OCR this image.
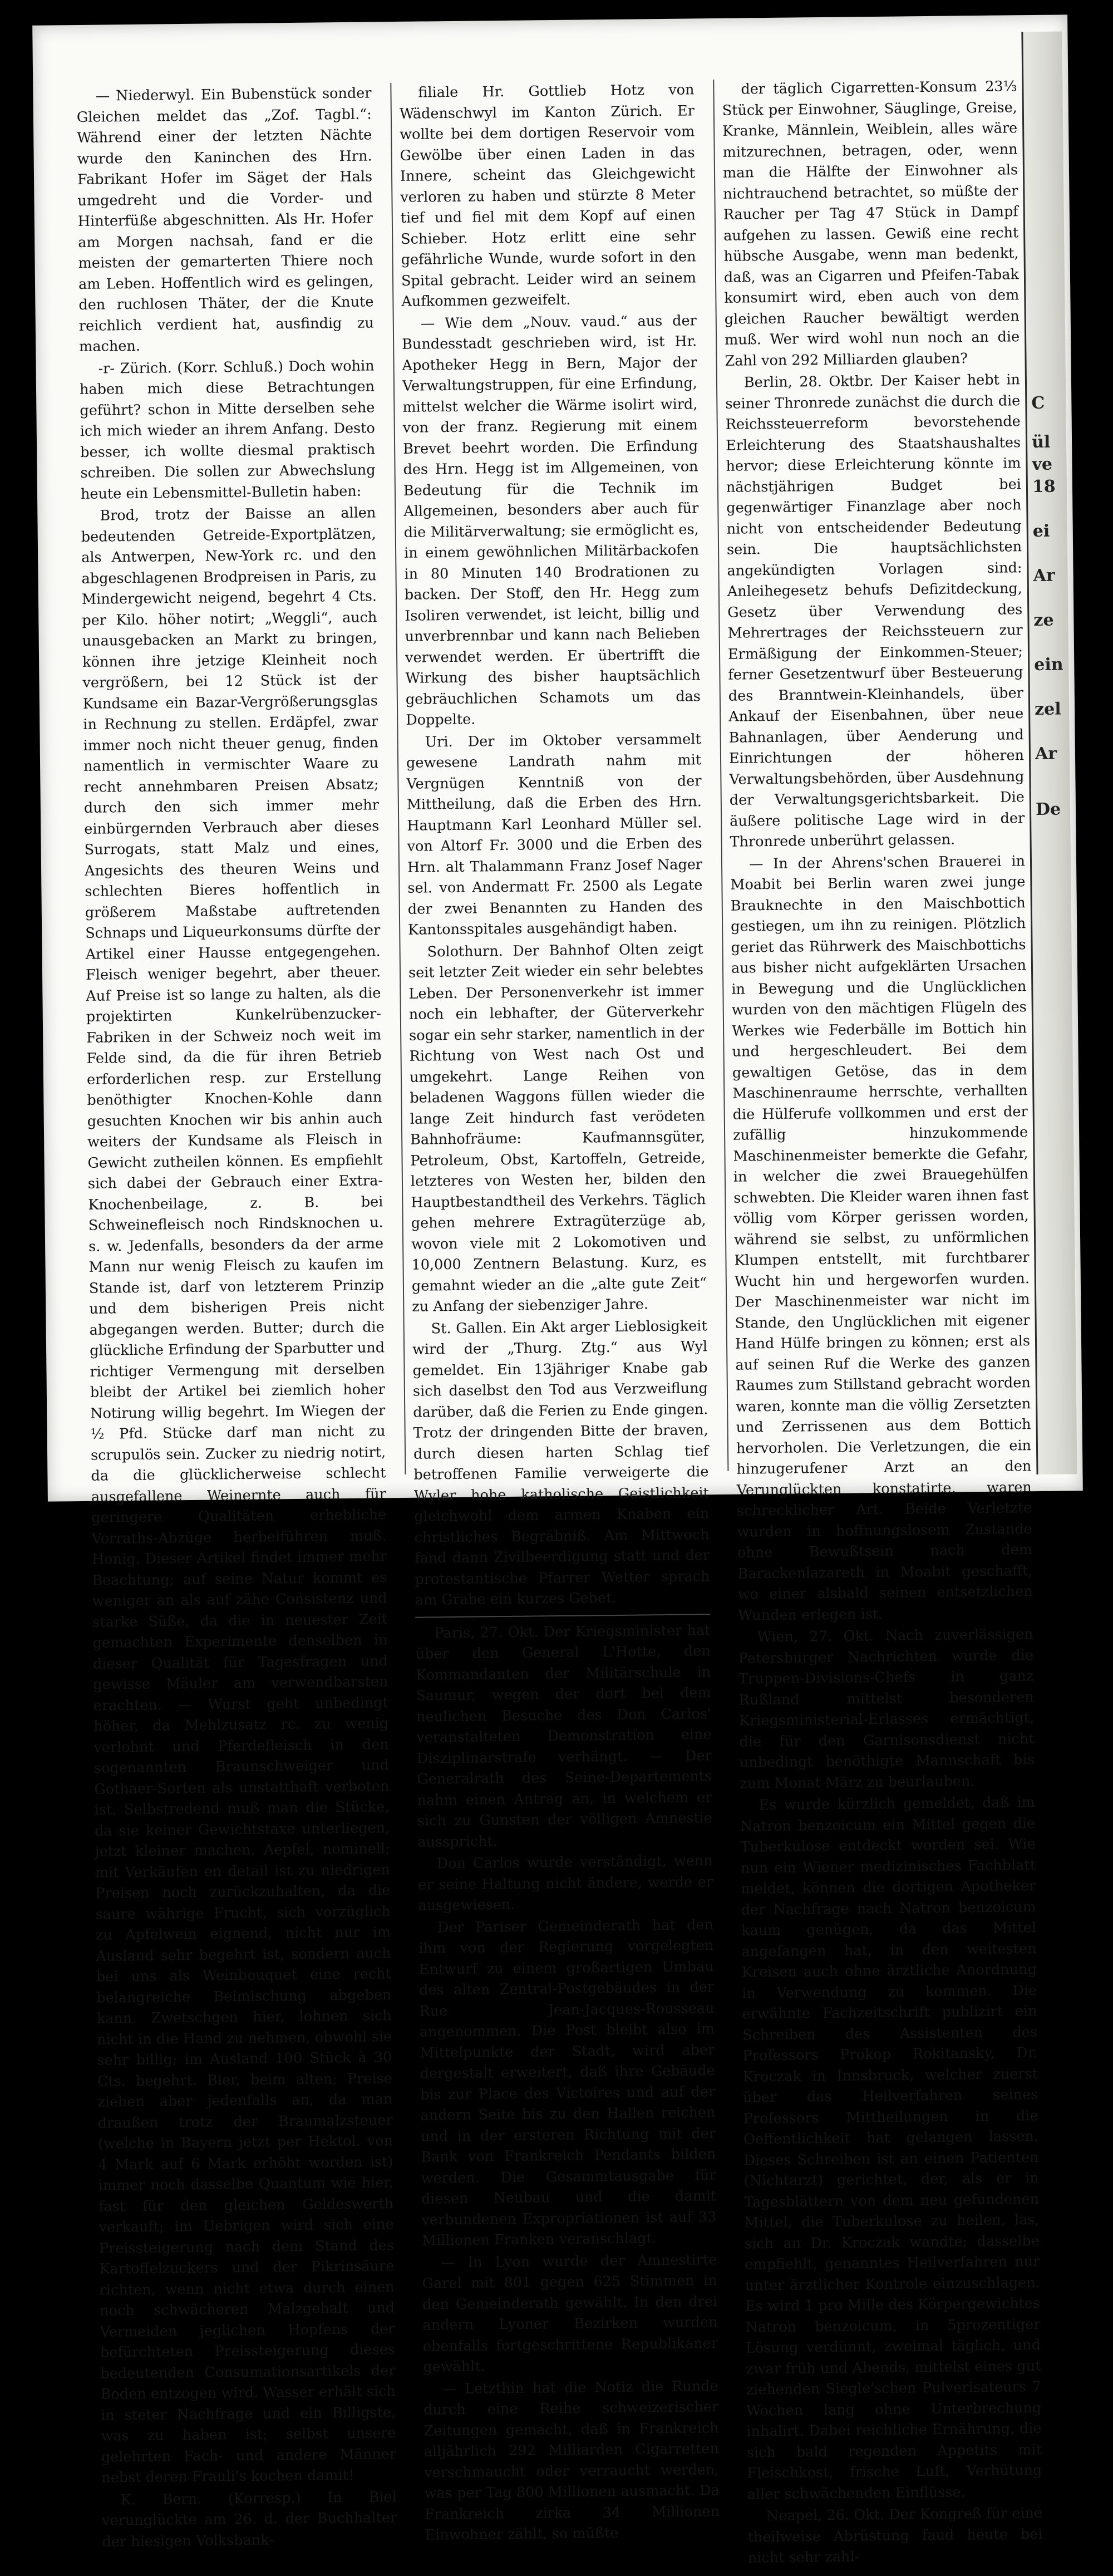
— Niederwyl. Ein Bubenstück sonder Gleichen meldet das „Zof. Tagbl.“: Während einer der letzten Nächte wurde den Kaninchen des Hrn. Fabrikant Hofer im Säget der Hals umgedreht und die Vorder- und Hinterfüße abgeschnitten. Als Hr. Hofer am Morgen nachsah, fand er die meisten der gemarterten Thiere noch am Leben. Hoffentlich wird es gelingen, den ruchlosen Thäter, der die Knute reichlich verdient hat, ausfindig zu machen.

-r- Zürich. (Korr. Schluß.) Doch wohin haben mich diese Betrachtungen geführt? schon in Mitte derselben sehe ich mich wieder an ihrem Anfang. Desto besser, ich wollte diesmal praktisch schreiben. Die sollen zur Abwechslung heute ein Lebensmittel-Bulletin haben:

Brod, trotz der Baisse an allen bedeutenden Getreide-Exportplätzen, als Antwerpen, New-York rc. und den abgeschlagenen Brodpreisen in Paris, zu Mindergewicht neigend, begehrt 4 Cts. per Kilo. höher notirt; „Weggli“, auch unausgebacken an Markt zu bringen, können ihre jetzige Kleinheit noch vergrößern, bei 12 Stück ist der Kundsame ein Bazar-Vergrößerungsglas in Rechnung zu stellen. Erdäpfel, zwar immer noch nicht theuer genug, finden namentlich in vermischter Waare zu recht annehmbaren Preisen Absatz; durch den sich immer mehr einbürgernden Verbrauch aber dieses Surrogats, statt Malz und eines, Angesichts des theuren Weins und schlechten Bieres hoffentlich in größerem Maßstabe auftretenden Schnaps und Liqueurkonsums dürfte der Artikel einer Hausse entgegengehen. Fleisch weniger begehrt, aber theuer. Auf Preise ist so lange zu halten, als die projektirten Kunkelrübenzucker-Fabriken in der Schweiz noch weit im Felde sind, da die für ihren Betrieb erforderlichen resp. zur Erstellung benöthigter Knochen-Kohle dann gesuchten Knochen wir bis anhin auch weiters der Kundsame als Fleisch in Gewicht zutheilen können. Es empfiehlt sich dabei der Gebrauch einer Extra-Knochenbeilage, z. B. bei Schweinefleisch noch Rindsknochen u. s. w. Jedenfalls, besonders da der arme Mann nur wenig Fleisch zu kaufen im Stande ist, darf von letzterem Prinzip und dem bisherigen Preis nicht abgegangen werden. Butter; durch die glückliche Erfindung der Sparbutter und richtiger Vermengung mit derselben bleibt der Artikel bei ziemlich hoher Notirung willig begehrt. Im Wiegen der ½ Pfd. Stücke darf man nicht zu scrupulös sein. Zucker zu niedrig notirt, da die glücklicherweise schlecht ausgefallene Weinernte auch für geringere Qualitäten erhebliche Vorraths-Abzüge herbeiführen muß. Honig. Dieser Artikel findet immer mehr Beachtung; auf seine Natur kommt es weniger an als auf zähe Consistenz und starke Süße, da die in neuester Zeit gemachten Experimente denselben in dieser Qualität für Tagesfragen und gewisse Mäuler am verwendbarsten erachten. — Wurst geht unbedingt höher, da Mehlzusatz rc. zu wenig verlohnt und Pferdefleisch in den sogenannten Braunschweiger und Gothaer-Sorten als unstatthaft verboten ist. Selbstredend muß man die Stücke, da sie keiner Gewichtstaxe unterliegen, jetzt kleiner machen. Aepfel, nominell; mit Verkäufen en detail ist zu niedrigen Preisen noch zurückzuhalten, da die saure währige Frucht, sich vorzüglich zu Apfelwein eignend, nicht nur im Ausland sehr begehrt ist, sondern auch bei uns als Weinbouquet eine recht belangreiche Beimischung abgeben kann. Zwetschgen hier, lohnen sich nicht in die Hand zu nehmen, obwohl sie sehr billig; im Ausland 100 Stück à 30 Cts. begehrt. Bier, beim alten; Preise ziehen aber jedenfalls an, da man draußen trotz der Braumalzsteuer (welche in Bayern jetzt per Hektol. von 4 Mark auf 6 Mark erhöht worden ist) immer noch dasselbe Quantum wie hier, fast für den gleichen Geldeswerth verkauft; im Uebrigen wird sich eine Preissteigerung nach dem Stand des Kartoffelzuckers und der Pikrinsäure richten, wenn nicht etwa durch einen noch schwächeren Malzgehalt und Vermeiden jeglichen Hopfens der befürchteten Preissteigerung dieses bedeutenden Consumationsartikels der Boden entzogen wird. Wasser erhält sich in steter Nachfrage und ein Billigste, was zu haben ist; selbst unsere gelehrten Fach- und andere Männer nebst deren Frauli's kochen damit!

K. Bern. (Korresp.) In Biel verunglückte am 26. d. der Buchhalter der hiesigen Volksbank-

filiale Hr. Gottlieb Hotz von Wädenschwyl im Kanton Zürich. Er wollte bei dem dortigen Reservoir vom Gewölbe über einen Laden in das Innere, scheint das Gleichgewicht verloren zu haben und stürzte 8 Meter tief und fiel mit dem Kopf auf einen Schieber. Hotz erlitt eine sehr gefährliche Wunde, wurde sofort in den Spital gebracht. Leider wird an seinem Aufkommen gezweifelt.

— Wie dem „Nouv. vaud.“ aus der Bundesstadt geschrieben wird, ist Hr. Apotheker Hegg in Bern, Major der Verwaltungstruppen, für eine Erfindung, mittelst welcher die Wärme isolirt wird, von der franz. Regierung mit einem Brevet beehrt worden. Die Erfindung des Hrn. Hegg ist im Allgemeinen, von Bedeutung für die Technik im Allgemeinen, besonders aber auch für die Militärverwaltung; sie ermöglicht es, in einem gewöhnlichen Militärbackofen in 80 Minuten 140 Brodrationen zu backen. Der Stoff, den Hr. Hegg zum Isoliren verwendet, ist leicht, billig und unverbrennbar und kann nach Belieben verwendet werden. Er übertrifft die Wirkung des bisher hauptsächlich gebräuchlichen Schamots um das Doppelte.

Uri. Der im Oktober versammelt gewesene Landrath nahm mit Vergnügen Kenntniß von der Mittheilung, daß die Erben des Hrn. Hauptmann Karl Leonhard Müller sel. von Altorf Fr. 3000 und die Erben des Hrn. alt Thalammann Franz Josef Nager sel. von Andermatt Fr. 2500 als Legate der zwei Benannten zu Handen des Kantonsspitales ausgehändigt haben.

Solothurn. Der Bahnhof Olten zeigt seit letzter Zeit wieder ein sehr belebtes Leben. Der Personenverkehr ist immer noch ein lebhafter, der Güterverkehr sogar ein sehr starker, namentlich in der Richtung von West nach Ost und umgekehrt. Lange Reihen von beladenen Waggons füllen wieder die lange Zeit hindurch fast verödeten Bahnhofräume: Kaufmannsgüter, Petroleum, Obst, Kartoffeln, Getreide, letzteres von Westen her, bilden den Hauptbestandtheil des Verkehrs. Täglich gehen mehrere Extragüterzüge ab, wovon viele mit 2 Lokomotiven und 10,000 Zentnern Belastung. Kurz, es gemahnt wieder an die „alte gute Zeit“ zu Anfang der siebenziger Jahre.

St. Gallen. Ein Akt arger Lieblosigkeit wird der „Thurg. Ztg.“ aus Wyl gemeldet. Ein 13jähriger Knabe gab sich daselbst den Tod aus Verzweiflung darüber, daß die Ferien zu Ende gingen. Trotz der dringenden Bitte der braven, durch diesen harten Schlag tief betroffenen Familie verweigerte die Wyler hohe katholische Geistlichkeit gleichwohl dem armen Knaben ein christliches Begräbniß. Am Mittwoch fand dann Zivilbeerdigung statt und der protestantische Pfarrer Wetter sprach am Grabe ein kurzes Gebet.

Paris, 27. Okt. Der Kriegsminister hat über den General L'Hotte, den Kommandanten der Militärschule in Saumur, wegen der dort bei dem neulichen Besuche des Don Carlos' veranstalteten Demonstration eine Disziplinarstrafe verhängt. — Der Generalrath des Seine-Departements nahm einen Antrag an, in welchem er sich zu Gunsten der völligen Amnestie ausspricht.

Don Carlos wurde verständigt, wenn er seine Haltung nicht ändere, werde er ausgewiesen.

Der Pariser Gemeinderath hat den ihm von der Regierung vorgelegten Entwurf zu einem großartigen Umbau des alten Zentral-Postgebäudes in der Rue Jean-Jacques-Rousseau angenommen. Die Post bleibt also im Mittelpunkte der Stadt, wird aber dergestalt erweitert, daß ihre Gebäude bis zur Place des Victoires und auf der andern Seite bis zu den Hallen reichen und in der ersteren Richtung mit der Bank von Frankreich Pendants bilden werden. Die Gesammtausgabe für diesen Neubau und die damit verbundenen Expropriationen ist auf 33 Millionen Franken veranschlagt.

— In Lyon wurde der Amnestirte Garel mit 801 gegen 625 Stimmen in den Gemeinderath gewählt. In den drei andern Lyoner Bezirken wurden ebenfalls fortgeschrittene Republikaner gewählt.

— Letzthin hat die Notiz die Runde durch eine Reihe schweizerischer Zeitungen gemacht, daß in Frankreich alljährlich 292 Milliarden Cigarretten verschmaucht oder verraucht werden, was per Tag 800 Millionen ausmacht. Da Frankreich zirka 34 Millionen Einwohner zählt, so müßte

der täglich Cigarretten-Konsum 23⅓ Stück per Einwohner, Säuglinge, Greise, Kranke, Männlein, Weiblein, alles wäre mitzurechnen, betragen, oder, wenn man die Hälfte der Einwohner als nichtrauchend betrachtet, so müßte der Raucher per Tag 47 Stück in Dampf aufgehen zu lassen. Gewiß eine recht hübsche Ausgabe, wenn man bedenkt, daß, was an Cigarren und Pfeifen-Tabak konsumirt wird, eben auch von dem gleichen Raucher bewältigt werden muß. Wer wird wohl nun noch an die Zahl von 292 Milliarden glauben?

Berlin, 28. Oktbr. Der Kaiser hebt in seiner Thronrede zunächst die durch die Reichssteuerreform bevorstehende Erleichterung des Staatshaushaltes hervor; diese Erleichterung könnte im nächstjährigen Budget bei gegenwärtiger Finanzlage aber noch nicht von entscheidender Bedeutung sein. Die hauptsächlichsten angekündigten Vorlagen sind: Anleihegesetz behufs Defizitdeckung, Gesetz über Verwendung des Mehrertrages der Reichssteuern zur Ermäßigung der Einkommen-Steuer; ferner Gesetzentwurf über Besteuerung des Branntwein-Kleinhandels, über Ankauf der Eisenbahnen, über neue Bahnanlagen, über Aenderung und Einrichtungen der höheren Verwaltungsbehörden, über Ausdehnung der Verwaltungsgerichtsbarkeit. Die äußere politische Lage wird in der Thronrede unberührt gelassen.

— In der Ahrens'schen Brauerei in Moabit bei Berlin waren zwei junge Brauknechte in den Maischbottich gestiegen, um ihn zu reinigen. Plötzlich geriet das Rührwerk des Maischbottichs aus bisher nicht aufgeklärten Ursachen in Bewegung und die Unglücklichen wurden von den mächtigen Flügeln des Werkes wie Federbälle im Bottich hin und hergeschleudert. Bei dem gewaltigen Getöse, das in dem Maschinenraume herrschte, verhallten die Hülferufe vollkommen und erst der zufällig hinzukommende Maschinenmeister bemerkte die Gefahr, in welcher die zwei Brauegehülfen schwebten. Die Kleider waren ihnen fast völlig vom Körper gerissen worden, während sie selbst, zu unförmlichen Klumpen entstellt, mit furchtbarer Wucht hin und hergeworfen wurden. Der Maschinenmeister war nicht im Stande, den Unglücklichen mit eigener Hand Hülfe bringen zu können; erst als auf seinen Ruf die Werke des ganzen Raumes zum Stillstand gebracht worden waren, konnte man die völlig Zersetzten und Zerrissenen aus dem Bottich hervorholen. Die Verletzungen, die ein hinzugerufener Arzt an den Verunglückten konstatirte, waren schrecklicher Art. Beide Verletzte wurden in hoffnungslosem Zustande ohne Bewußtsein nach dem Barackenlazareth in Moabit geschafft, wo einer alsbald seinen entsetzlichen Wunden erlegen ist.

Wien, 27. Okt. Nach zuverlässigen Petersburger Nachrichten wurde die Truppen-Divisions-Chefs in ganz Rußland mittelst besonderen Kriegsministerial-Erlasses ermächtigt, die für den Garnisonsdienst nicht unbedingt benöthigte Mannschaft bis zum Monat März zu beurlauben.

Es wurde kürzlich gemeldet, daß im Natron benzoicum ein Mittel gegen die Tuberkulose entdeckt worden sei. Wie nun ein Wiener medizinisches Fachblatt meldet, können die dortigen Apotheker der Nachfrage nach Natron benzoicum kaum genügen, da das Mittel angefangen hat, in den weitesten Kreisen auch ohne ärztliche Anordnung in Verwendung zu kommen. Die erwähnte Fachzeitschrift publizirt ein Schreiben des Assistenten des Professors Prokop Rokitansky, Dr. Kroczak in Innsbruck, welcher zuerst über das Heilverfahren seines Professors Mittheilungen in die Oeffentlichkeit hat gelangen lassen. Dieses Schreiben ist an einen Patienten (Nichtarzt) gerichtet, der, als er in Tagesblättern von dem neu gefundenen Mittel, die Tuberkulose zu heilen, las, sich an Dr. Kroczak wandte; dasselbe empfiehlt, genanntes Heilverfahren nur unter ärztlicher Kontrole einzuschlagen. Es wird 1 pro Mille des Körpergewichtes Natron benzoicum, in 5prozentiger Lösung verdünnt, zweimal täglich, und zwar früh und Abends, mittelst eines gut ziehenden Siegle'schen Pulverisateurs 7 Wochen lang ohne Unterbrechung inhalirt. Dabei reichliche Ernährung, die sich bald regenden Appetits mit Fleischkost, frische Luft, Verhütung aller schwächenden Einflüsse.

Neapel, 26. Okt. Der Kongreß für eine theilweise Abrüstung faud heute bei nicht sehr zahl-

C
ül
ve
18
ei
Ar
ze
ein
zel
Ar
De
